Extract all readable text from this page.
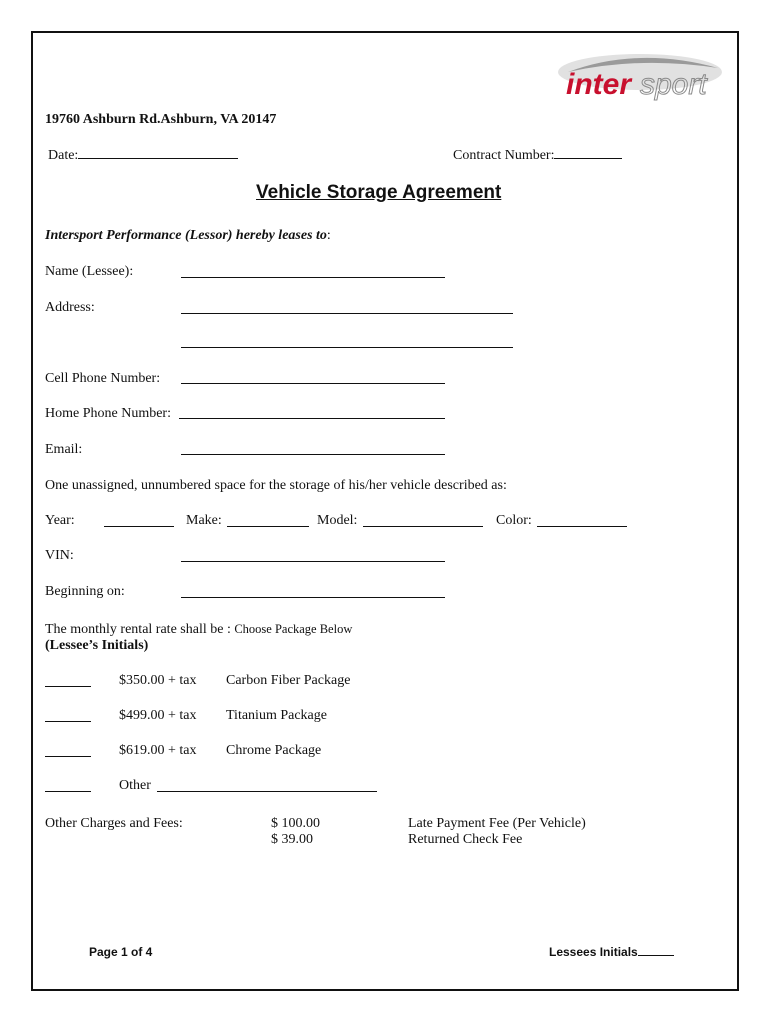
inter sport
19760 Ashburn Rd.Ashburn, VA 20147
Date:	Contract Number:
Vehicle Storage Agreement
Intersport Performance (Lessor) hereby leases to:
Name (Lessee):
Address:
Cell Phone Number:
Home Phone Number:
Email:
One unassigned, unnumbered space for the storage of his/her vehicle described as:
Year:	Make:	Model:	Color:
VIN:
Beginning on:
The monthly rental rate shall be : Choose Package Below
(Lessee’s Initials)
$350.00 + tax Carbon Fiber Package
$499.00 + tax Titanium Package
$619.00 + tax Chrome Package
Other
Other Charges and Fees:	$ 100.00	Late Payment Fee (Per Vehicle)
$ 39.00	Returned Check Fee
Page 1 of 4	Lessees Initials
